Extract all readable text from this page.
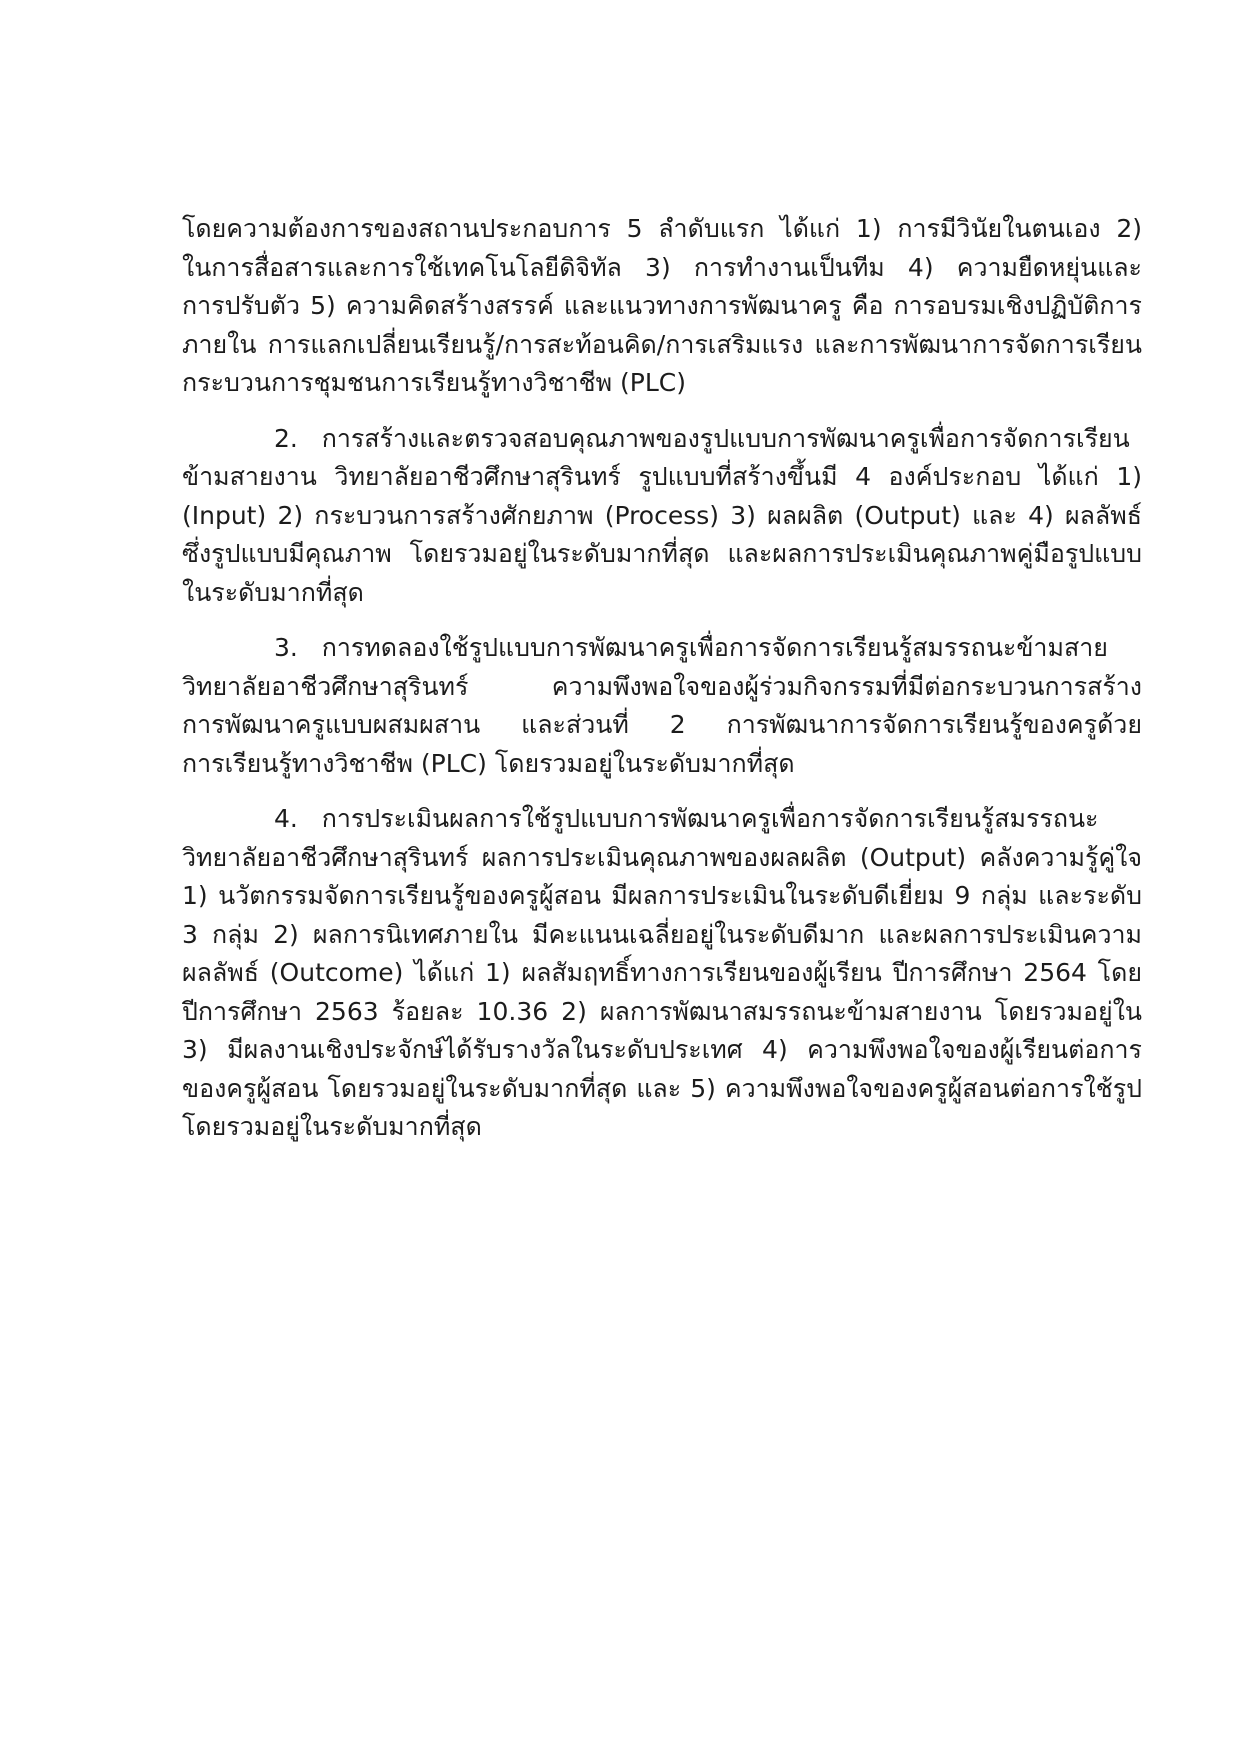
โดยความต้องการของสถานประกอบการ 5 ลำดับแรก ได้แก่ 1) การมีวินัยในตนเอง 2)
ในการสื่อสารและการใช้เทคโนโลยีดิจิทัล 3) การทำงานเป็นทีม 4) ความยืดหยุ่นและ
การปรับตัว 5) ความคิดสร้างสรรค์ และแนวทางการพัฒนาครู คือ การอบรมเชิงปฏิบัติการ
ภายใน การแลกเปลี่ยนเรียนรู้/การสะท้อนคิด/การเสริมแรง และการพัฒนาการจัดการเรียน
กระบวนการชุมชนการเรียนรู้ทางวิชาชีพ (PLC)
2.   การสร้างและตรวจสอบคุณภาพของรูปแบบการพัฒนาครูเพื่อการจัดการเรียน
ข้ามสายงาน วิทยาลัยอาชีวศึกษาสุรินทร์ รูปแบบที่สร้างขึ้นมี 4 องค์ประกอบ ได้แก่ 1)
(Input) 2) กระบวนการสร้างศักยภาพ (Process) 3) ผลผลิต (Output) และ 4) ผลลัพธ์
ซึ่งรูปแบบมีคุณภาพ โดยรวมอยู่ในระดับมากที่สุด และผลการประเมินคุณภาพคู่มือรูปแบบ
ในระดับมากที่สุด
3.   การทดลองใช้รูปแบบการพัฒนาครูเพื่อการจัดการเรียนรู้สมรรถนะข้ามสาย
วิทยาลัยอาชีวศึกษาสุรินทร์ ความพึงพอใจของผู้ร่วมกิจกรรมที่มีต่อกระบวนการสร้าง
การพัฒนาครูแบบผสมผสาน และส่วนที่ 2 การพัฒนาการจัดการเรียนรู้ของครูด้วย
การเรียนรู้ทางวิชาชีพ (PLC) โดยรวมอยู่ในระดับมากที่สุด
4.   การประเมินผลการใช้รูปแบบการพัฒนาครูเพื่อการจัดการเรียนรู้สมรรถนะ
วิทยาลัยอาชีวศึกษาสุรินทร์ ผลการประเมินคุณภาพของผลผลิต (Output) คลังความรู้คู่ใจ
1) นวัตกรรมจัดการเรียนรู้ของครูผู้สอน มีผลการประเมินในระดับดีเยี่ยม 9 กลุ่ม และระดับ
3 กลุ่ม 2) ผลการนิเทศภายใน มีคะแนนเฉลี่ยอยู่ในระดับดีมาก และผลการประเมินความ
ผลลัพธ์ (Outcome) ได้แก่ 1) ผลสัมฤทธิ์ทางการเรียนของผู้เรียน ปีการศึกษา 2564 โดย
ปีการศึกษา 2563 ร้อยละ 10.36 2) ผลการพัฒนาสมรรถนะข้ามสายงาน โดยรวมอยู่ใน
3) มีผลงานเชิงประจักษ์ได้รับรางวัลในระดับประเทศ 4) ความพึงพอใจของผู้เรียนต่อการ
ของครูผู้สอน โดยรวมอยู่ในระดับมากที่สุด และ 5) ความพึงพอใจของครูผู้สอนต่อการใช้รูป
โดยรวมอยู่ในระดับมากที่สุด
